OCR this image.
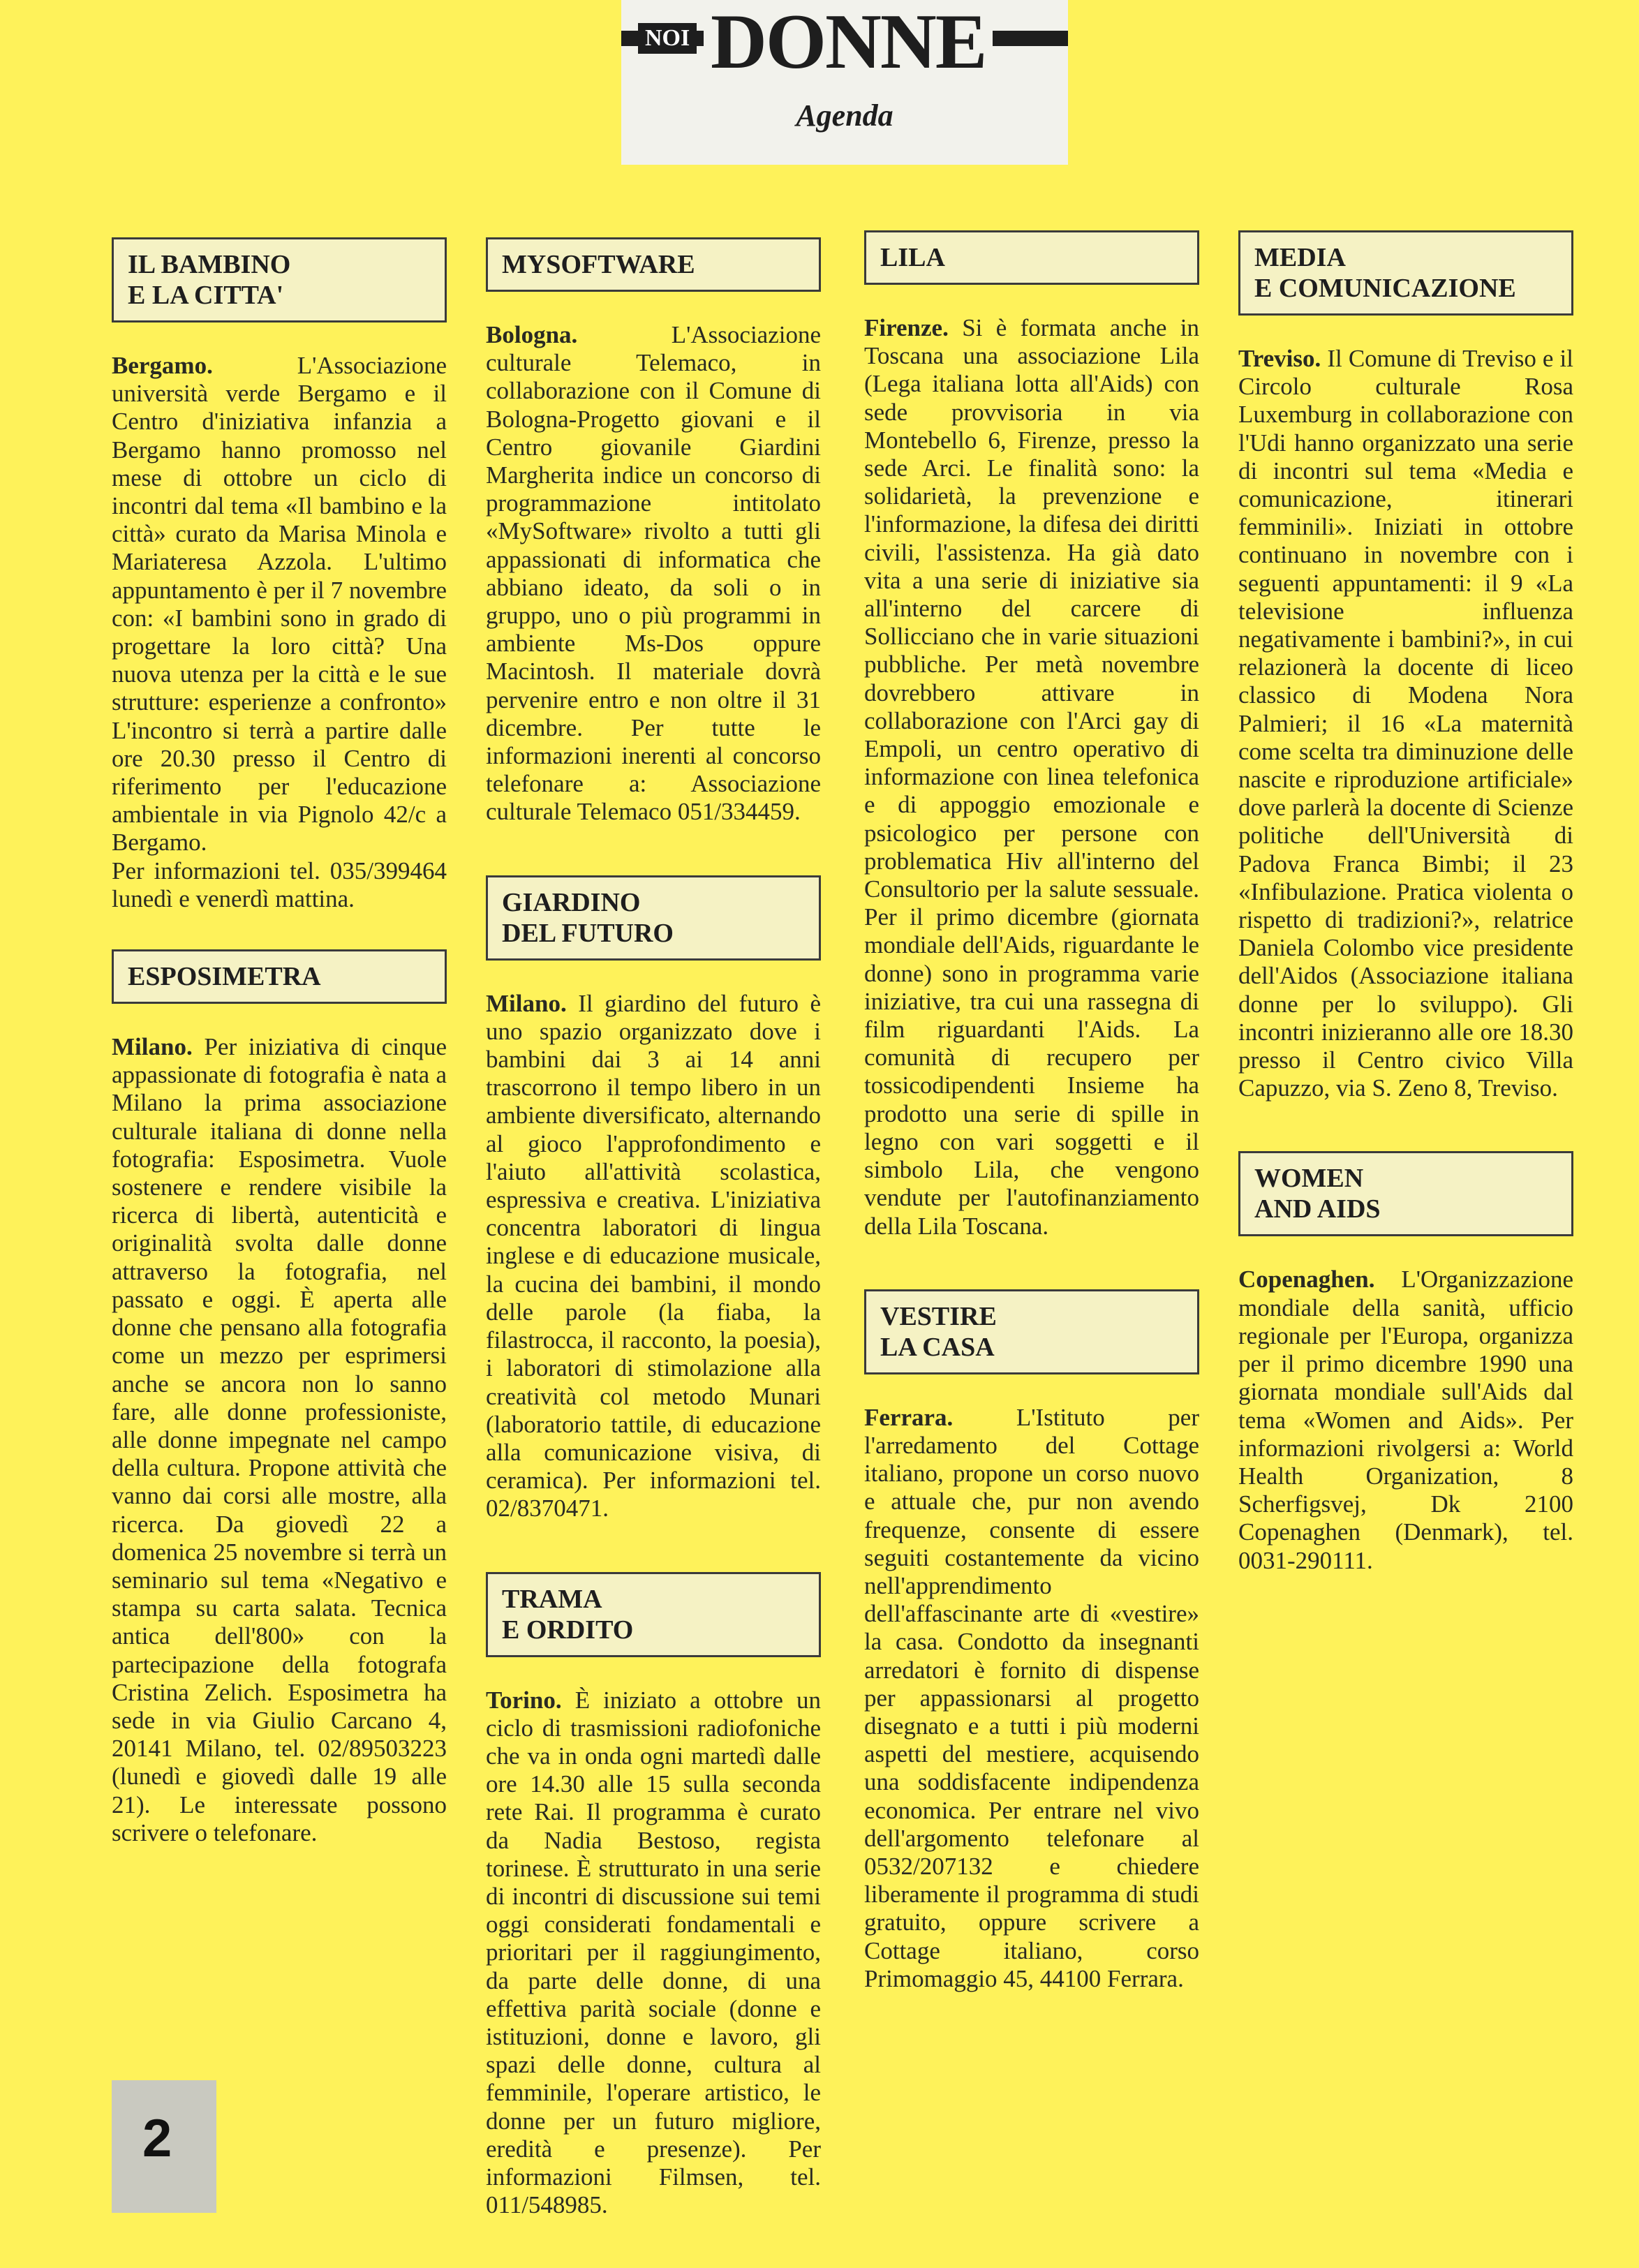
NOI DONNE
Agenda
IL BAMBINO
E LA CITTA'

Bergamo.	L'Associazione università verde Bergamo e il Centro d'iniziativa infanzia a Bergamo hanno promosso nel mese di ottobre un ciclo di incontri dal tema «Il bambino e la città» curato da Marisa Minola e Mariateresa Azzola. L'ultimo appuntamento è per il 7 novembre con: «I bambini sono in grado di progettare la loro città? Una nuova utenza per la città e le sue strutture: esperienze a confronto» L'incontro si terrà a partire dalle ore 20.30 presso il Centro di riferimento per l'educazione ambientale in via Pignolo 42/c a Bergamo.

Per informazioni tel. 035/399464 lunedì e venerdì mattina.

ESPOSIMETRA

Milano. Per iniziativa di cinque appassionate di fotografia è nata a Milano la prima associazione culturale italiana di donne nella fotografia: Esposimetra. Vuole sostenere e rendere visibile la ricerca di libertà, autenticità e originalità svolta dalle donne attraverso la fotografia, nel passato e oggi. È aperta alle donne che pensano alla fotografia come un mezzo per esprimersi anche se ancora non lo sanno fare, alle donne professioniste, alle donne impegnate nel campo della cultura. Propone attività che vanno dai corsi alle mostre, alla ricerca. Da giovedì 22 a domenica 25 novembre si terrà un seminario sul tema «Negativo e stampa su carta salata. Tecnica antica dell'800» con la partecipazione della fotografa Cristina Zelich. Esposimetra ha sede in via Giulio Carcano 4, 20141 Milano, tel. 02/89503223 (lunedì e giovedì dalle 19 alle 21). Le interessate possono scrivere o telefonare.

MYSOFTWARE

Bologna.	L'Associazione culturale Telemaco, in collaborazione con il Comune di Bologna-Progetto giovani e il Centro giovanile Giardini Margherita indice un concorso di programmazione intitolato «MySoftware» rivolto a tutti gli appassionati di informatica che abbiano ideato, da soli o in gruppo, uno o più programmi in ambiente Ms-Dos oppure Macintosh. Il materiale dovrà pervenire entro e non oltre il 31 dicembre. Per tutte le informazioni inerenti al concorso telefonare a: Associazione culturale Telemaco 051/334459.

GIARDINO
DEL FUTURO

Milano. Il giardino del futuro è uno spazio organizzato dove i bambini dai 3 ai 14 anni trascorrono il tempo libero in un ambiente diversificato, alternando al gioco l'approfondimento e l'aiuto all'attività scolastica, espressiva e creativa. L'iniziativa concentra laboratori di lingua inglese e di educazione musicale, la cucina dei bambini, il mondo delle parole (la fiaba, la filastrocca, il racconto, la poesia), i laboratori di stimolazione alla creatività col metodo Munari (laboratorio tattile, di educazione alla comunicazione visiva, di ceramica). Per informazioni tel. 02/8370471.

TRAMA
E ORDITO

Torino. È iniziato a ottobre un ciclo di trasmissioni radiofoniche che va in onda ogni martedì dalle ore 14.30 alle 15 sulla seconda rete Rai. Il programma è curato da Nadia Bestoso, regista torinese. È strutturato in una serie di incontri di discussione sui temi oggi considerati fondamentali e prioritari per il raggiungimento, da parte delle donne, di una effettiva parità sociale (donne e istituzioni, donne e lavoro, gli spazi delle donne, cultura al femminile, l'operare artistico, le donne per un futuro migliore, eredità e presenze). Per informazioni Filmsen, tel. 011/548985.

LILA

Firenze. Si è formata anche in Toscana una associazione Lila (Lega italiana lotta all'Aids) con sede provvisoria in via Montebello 6, Firenze, presso la sede Arci. Le finalità sono: la solidarietà, la prevenzione e l'informazione, la difesa dei diritti civili, l'assistenza. Ha già dato vita a una serie di iniziative sia all'interno del carcere di Sollicciano che in varie situazioni pubbliche. Per metà novembre dovrebbero attivare in collaborazione con l'Arci gay di Empoli, un centro operativo di informazione con linea telefonica e di appoggio emozionale e psicologico per persone con problematica Hiv all'interno del Consultorio per la salute sessuale. Per il primo dicembre (giornata mondiale dell'Aids, riguardante le donne) sono in programma varie iniziative, tra cui una rassegna di film riguardanti l'Aids. La comunità di recupero per tossicodipendenti Insieme ha prodotto una serie di spille in legno con vari soggetti e il simbolo Lila, che vengono vendute per l'autofinanziamento della Lila Toscana.

VESTIRE
LA CASA

Ferrara.	L'Istituto per l'arredamento del Cottage italiano, propone un corso nuovo e attuale che, pur non avendo frequenze, consente di essere seguiti costantemente da vicino nell'apprendimento dell'affascinante arte di «vestire» la casa. Condotto da insegnanti arredatori è fornito di dispense per appassionarsi al progetto disegnato e a tutti i più moderni aspetti del mestiere, acquisendo una soddisfacente indipendenza economica. Per entrare nel vivo dell'argomento telefonare al 0532/207132 e chiedere liberamente il programma di studi gratuito, oppure scrivere a Cottage italiano, corso Primomaggio 45, 44100 Ferrara.

MEDIA
E COMUNICAZIONE

Treviso. Il Comune di Treviso e il Circolo culturale Rosa Luxemburg in collaborazione con l'Udi hanno organizzato una serie di incontri sul tema «Media e comunicazione, itinerari femminili». Iniziati in ottobre continuano in novembre con i seguenti appuntamenti: il 9 «La televisione influenza negativamente i bambini?», in cui relazionerà la docente di liceo classico di Modena Nora Palmieri; il 16 «La maternità come scelta tra diminuzione delle nascite e riproduzione artificiale» dove parlerà la docente di Scienze politiche dell'Università di Padova Franca Bimbi; il 23 «Infibulazione. Pratica violenta o rispetto di tradizioni?», relatrice Daniela Colombo vice presidente dell'Aidos (Associazione italiana donne per lo sviluppo). Gli incontri inizieranno alle ore 18.30 presso il Centro civico Villa Capuzzo, via S. Zeno 8, Treviso.

WOMEN
AND AIDS

Copenaghen. L'Organizzazione mondiale della sanità, ufficio regionale per l'Europa, organizza per il primo dicembre 1990 una giornata mondiale sull'Aids dal tema «Women and Aids». Per informazioni rivolgersi a: World Health Organization, 8 Scherfigsvej, Dk 2100 Copenaghen (Denmark), tel. 0031-290111.

2
